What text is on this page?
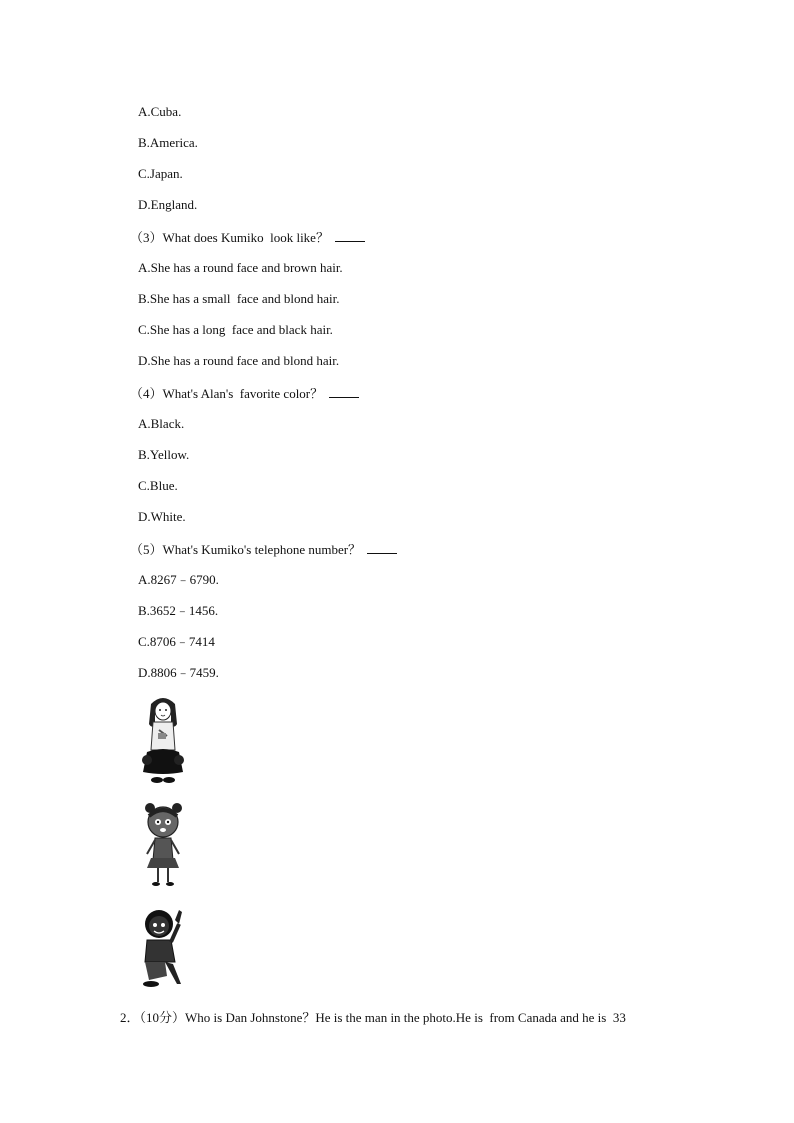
A.Cuba.
B.America.
C.Japan.
D.England.
（3）What does Kumiko  look like？
A.She has a round face and brown hair.
B.She has a small  face and blond hair.
C.She has a long  face and black hair.
D.She has a round face and blond hair.
（4）What's Alan's  favorite color？
A.Black.
B.Yellow.
C.Blue.
D.White.
（5）What's Kumiko's telephone number？
A.8267﹣6790.
B.3652﹣1456.
C.8706﹣7414
D.8806﹣7459.
2．（10分）Who is Dan Johnstone？He is the man in the photo.He is  from Canada and he is  33
